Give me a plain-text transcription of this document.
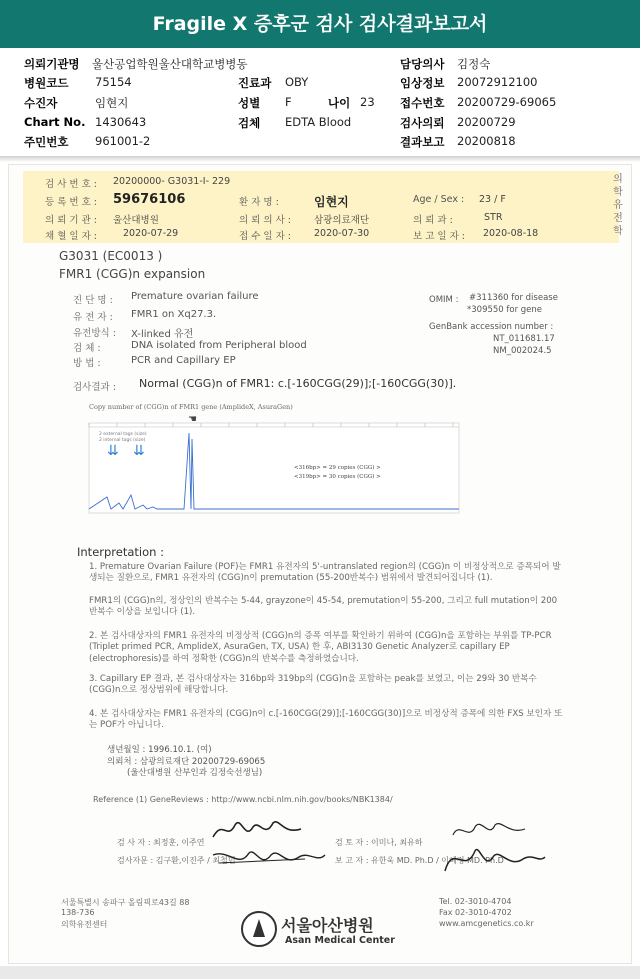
Fragile X 증후군 검사 검사결과보고서
의뢰기관명 울산공업학원울산대학교병병동	담당의사 김정숙
병원코드 75154	진료과 OBY	임상정보 20072912100
수진자	임현지	성별 F	나이 23 접수번호 20200729-69065
Chart No. 1430643	검체 EDTA Blood	검사의뢰 20200729
주민번호 961001-2	결과보고 20200818
의학유전학
검 사 번 호 : 20200000- G3031-I- 229
등 록 번 호 : 59676106	환 자 명 :	임현지	Age / Sex : 23 / F
의 뢰 기 관 : 울산대병원	의 뢰 의 사 : 삼광의료재단	의 뢰 과 :	STR
채 혈 일 자 :	2020-07-29	접 수 일 자 : 2020-07-30	보 고 일 자 : 2020-08-18
G3031 (EC0013 )
FMR1 (CGG)n expansion
진 단 명 : Premature ovarian failure
유 전 자 : FMR1 on Xq27.3.
유전방식 : X-linked 유전
검 체 :	DNA isolated from Peripheral blood
방 법 :	PCR and Capillary EP
OMIM : #311360 for disease
*309550 for gene
GenBank accession number :
NT_011681.17
NM_002024.5
검사결과 : Normal (CGG)n of FMR1: c.[-160CGG(29)];[-160CGG(30)].
Copy number of (CGG)n of FMR1 gene (AmplideX, AsuraGen)
☚
⇊ ⇊
2 external tags (size)
2 internal tags (size)
<316bp> = 29 copies (CGG) >
<319bp> = 30 copies (CGG) >
Interpretation :
1. Premature Ovarian Failure (POF)는 FMR1 유전자의 5'-untranslated region의 (CGG)n 이 비정상적으로 증폭되어 발생되는 질환으로, FMR1 유전자의 (CGG)n이 premutation (55-200반복수) 범위에서 발견되어집니다 (1).
FMR1의 (CGG)n의, 정상인의 반복수는 5-44, grayzone이 45-54, premutation이 55-200, 그리고 full mutation이 200반복수 이상을 보입니다 (1).
2. 본 검사대상자의 FMR1 유전자의 비정상적 (CGG)n의 증폭 여부를 확인하기 위하여 (CGG)n을 포함하는 부위를 TP-PCR (Triplet primed PCR, AmplideX, AsuraGen, TX, USA) 한 후, ABI3130 Genetic Analyzer로 capillary EP (electrophoresis)를 하여 정확한 (CGG)n의 반복수를 측정하였습니다.
3. Capillary EP 결과, 본 검사대상자는 316bp와 319bp의 (CGG)n을 포함하는 peak를 보였고, 이는 29와 30 반복수 (CGG)n으로 정상범위에 해당합니다.
4. 본 검사대상자는 FMR1 유전자의 (CGG)n이 c.[-160CGG(29)];[-160CGG(30)]으로 비정상적 증폭에 의한 FXS 보인자 또는 POF가 아닙니다.
생년월일 : 1996.10.1. (여)
의뢰처 : 삼광의료재단 20200729-69065
(울산대병원 산부인과 김정숙선생님)
Reference (1) GeneReviews : http://www.ncbi.nlm.nih.gov/books/NBK1384/
검 사 자 : 최정훈, 이주연	검 토 자 : 이미나, 최유하
검사자문 : 김구환,이진주 / 최철민	보 고 자 : 유한욱 MD. Ph.D / 이혜정 MD. Ph.D
서울특별시 송파구 올림픽로43길 88
138-736
의학유전센터	서울아산병원
Asan Medical Center
Tel. 02-3010-4704
Fax 02-3010-4702
www.amcgenetics.co.kr
